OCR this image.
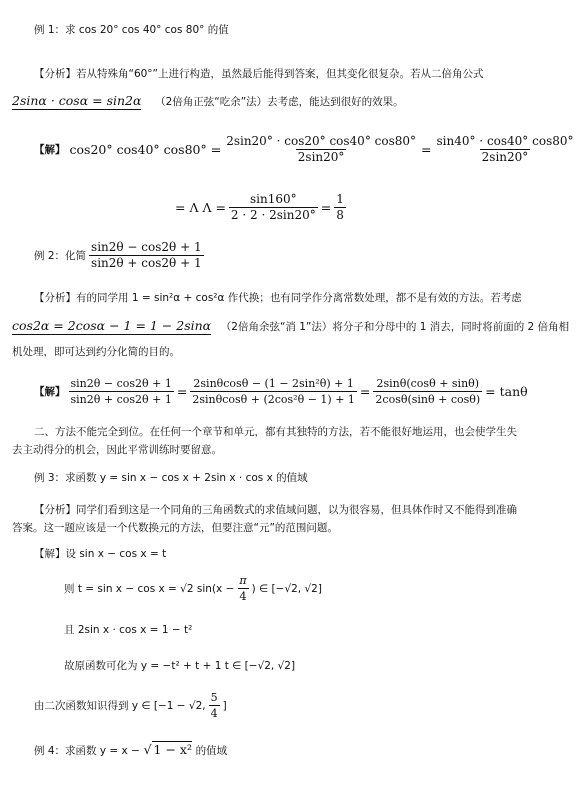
例 1：求 cos 20° cos 40° cos 80° 的值
【分析】若从特殊角“60°”上进行构造，虽然最后能得到答案，但其变化很复杂。若从二倍角公式
2sinα · cosα = sin2α （2倍角正弦“吃余”法）去考虑，能达到很好的效果。
【解】 cos20° cos40° $\cos 80^\circ = \frac{2\sin 20^\circ \cdot \cos 20^\circ \cos 40^\circ \cos 80^\circ}{2\sin 20^\circ} = \frac{\sin 40^\circ \cdot \cos 40^\circ \cos 80^\circ}{2\sin 20^\circ}$
= Λ $\Lambda = \frac{\sin 160^\circ}{2 \cdot 2 \cdot 2\sin 20^\circ} = \frac{1}{8}$
例 2：化简 $\frac{\sin 2\theta - \cos 2\theta + 1}{\sin 2\theta + \cos 2\theta + 1}$
【分析】有的同学用 1 = sin²α + cos²α 作代换；也有同学作分离常数处理，都不是有效的方法。若考虑
cos2α = 2cosα − 1 = 1 − 2sinα （2倍角余弦“消 1”法）将分子和分母中的 1 消去，同时将前面的 2 倍角相
机处理，即可达到约分化简的目的。
【解】 $\frac{\sin 2\theta - \cos 2\theta + 1}{\sin 2\theta + \cos 2\theta + 1} = \frac{\text{2sinθcosθ − (1 − 2sin²θ) + 1}}{\text{2sinθcosθ + (2cos²θ − 1) + 1}} = \frac{2\sin\theta(\cos\theta + \sin\theta)}{2\cos\theta(\sin\theta + \cos\theta)} = \tan\theta$
二、方法不能完全到位。在任何一个章节和单元，都有其独特的方法，若不能很好地运用，也会使学生失
去主动得分的机会，因此平常训练时要留意。
例 3：求函数 y = sin x − cos x + 2sin x · cos x 的值域
【分析】同学们看到这是一个同角的三角函数式的求值域问题，以为很容易，但具体作时又不能得到准确
答案。这一题应该是一个代数换元的方法，但要注意“元”的范围问题。
【解】设 sin x − cos x = t
则 t = sin x − cos x = √2 $\sin(x - \frac{\pi}{4}$ ) ∈ [−√2, √2]
且 2sin x · cos x = 1 − t²
故原函数可化为 y = −t² + t + 1 t ∈ [−√2, √2]
由二次函数知识得到 y ∈ [−1 − √2, $\frac{5}{4}$ ]
例 4：求函数 y = x − √ 1 − x² 的值域
